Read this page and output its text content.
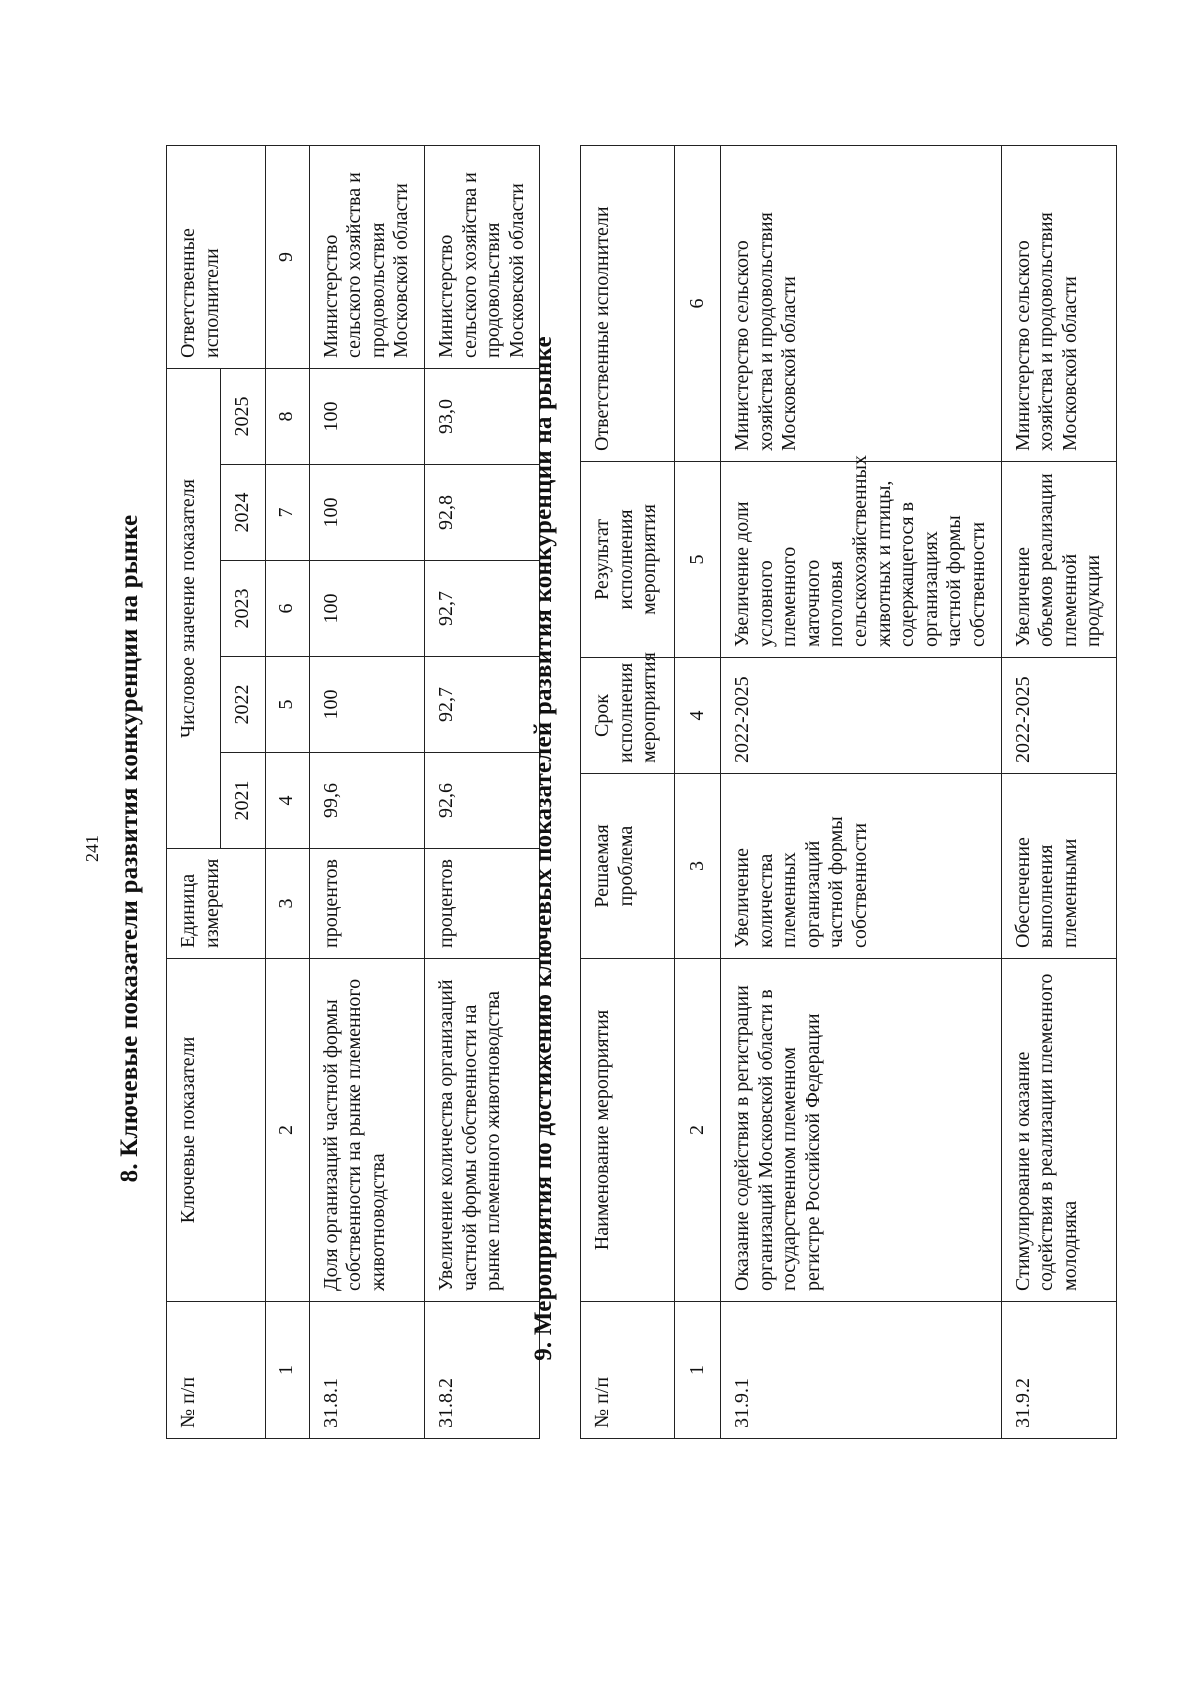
241 8. Ключевые показатели развития конкуренции на рынке
№ п/п	Ключевые показатели	Единица измерения	Числовое значение показателя					Ответственные исполнители
			2021	2022	2023	2024	2025	
1	2	3	4	5	6	7	8	9
31.8.1	Доля организаций частной формы собственности на рынке племенного животноводства	процентов	99,6	100	100	100	100	Министерство сельского хозяйства и продовольствия Московской области
31.8.2	Увеличение количества организаций частной формы собственности на рынке племенного животноводства	процентов	92,6	92,7	92,7	92,8	93,0	Министерство сельского хозяйства и продовольствия Московской области
9. Мероприятия по достижению ключевых показателей развития конкуренции на рынке
№ п/п	Наименование мероприятия	Решаемая проблема	Срок исполнения мероприятия	Результат исполнения мероприятия	Ответственные исполнители
1	2	3	4	5	6
31.9.1	Оказание содействия в регистрации организаций Московской области в государственном племенном регистре Российской Федерации	Увеличение количества племенных организаций частной формы собственности	2022-2025	Увеличение доли условного племенного маточного поголовья сельскохозяйственных животных и птицы, содержащегося в организациях частной формы собственности	Министерство сельского хозяйства и продовольствия Московской области
31.9.2	Стимулирование и оказание содействия в реализации племенного молодняка	Обеспечение выполнения племенными	2022-2025	Увеличение объемов реализации племенной продукции	Министерство сельского хозяйства и продовольствия Московской области
